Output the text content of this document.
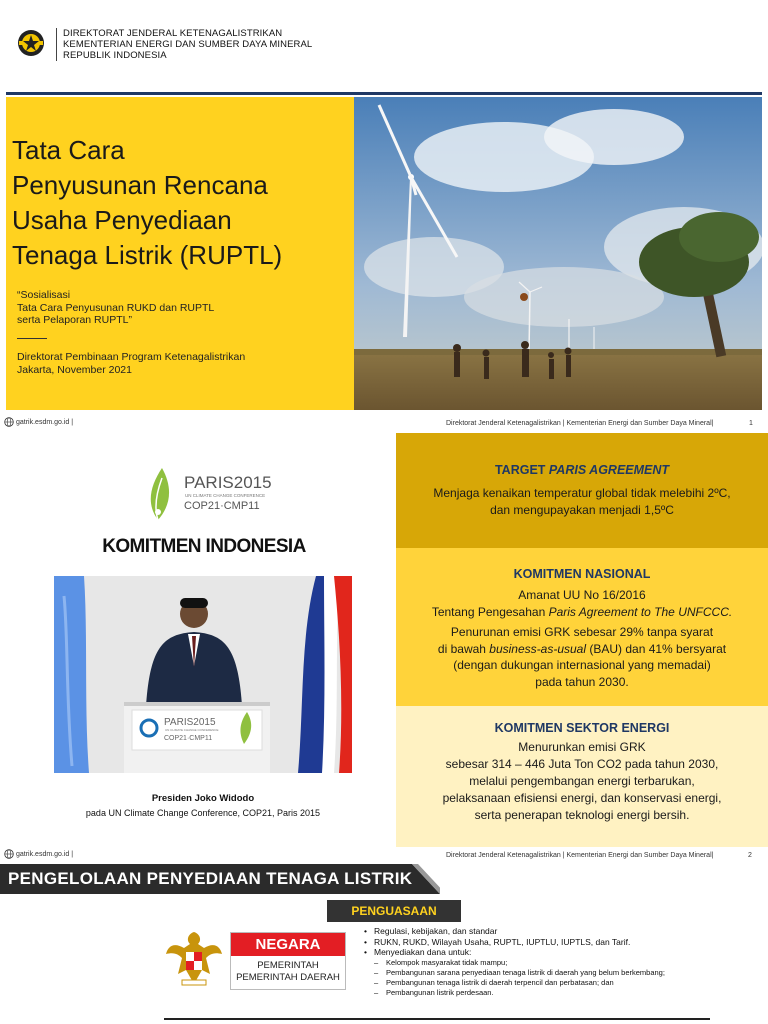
DIREKTORAT JENDERAL KETENAGALISTRIKAN
KEMENTERIAN ENERGI DAN SUMBER DAYA MINERAL
REPUBLIK INDONESIA
Tata Cara
Penyusunan Rencana
Usaha Penyediaan
Tenaga Listrik (RUPTL)
“Sosialisasi
Tata Cara Penyusunan RUKD dan RUPTL
serta Pelaporan RUPTL”
Direktorat Pembinaan Program Ketenagalistrikan
Jakarta, November 2021
gatrik.esdm.go.id |	Direktorat Jenderal Ketenagalistrikan | Kementerian Energi dan Sumber Daya Mineral|	1
PARIS2015
UN CLIMATE CHANGE CONFERENCE
COP21·CMP11
KOMITMEN INDONESIA
PARIS2015
UN CLIMATE CHANGE CONFERENCE
COP21·CMP11
Presiden Joko Widodo
pada UN Climate Change Conference, COP21, Paris 2015
TARGET PARIS AGREEMENT

Menjaga kenaikan temperatur global tidak melebihi 2ºC,

dan mengupayakan menjadi 1,5ºC

KOMITMEN NASIONAL

Amanat UU No 16/2016

Tentang Pengesahan Paris Agreement to The UNFCCC.

Penurunan emisi GRK sebesar 29% tanpa syarat

di bawah business-as-usual (BAU) dan 41% bersyarat

(dengan dukungan internasional yang memadai)

pada tahun 2030.

KOMITMEN SEKTOR ENERGI

Menurunkan emisi GRK

sebesar 314 – 446 Juta Ton CO2 pada tahun 2030,

melalui pengembangan energi terbarukan,

pelaksanaan efisiensi energi, dan konservasi energi,

serta penerapan teknologi energi bersih.

gatrik.esdm.go.id |	Direktorat Jenderal Ketenagalistrikan | Kementerian Energi dan Sumber Daya Mineral|	2
PENGELOLAAN PENYEDIAAN TENAGA LISTRIK
PENGUASAAN
NEGARA
PEMERINTAH
PEMERINTAH DAERAH
• Regulasi, kebijakan, dan standar
• RUKN, RUKD, Wilayah Usaha, RUPTL, IUPTLU, IUPTLS, dan Tarif.
• Menyediakan dana untuk:
– Kelompok masyarakat tidak mampu;
– Pembangunan sarana penyediaan tenaga listrik di daerah yang belum berkembang;
– Pembangunan tenaga listrik di daerah terpencil dan perbatasan; dan
– Pembangunan listrik perdesaan.
